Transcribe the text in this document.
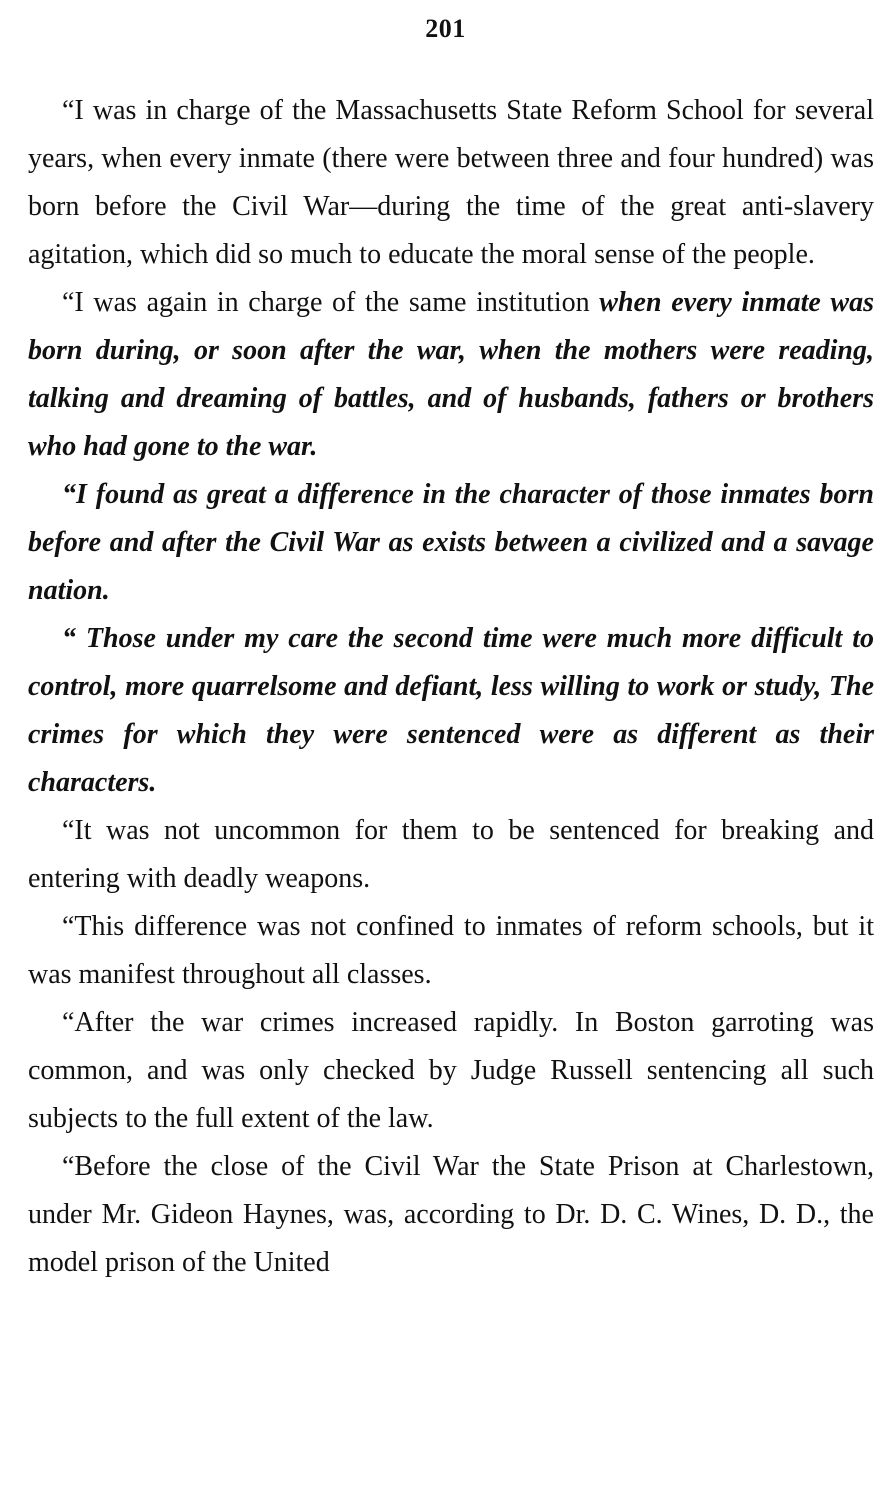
201

“I was in charge of the Massachusetts State Reform School for several years, when every inmate (there were between three and four hundred) was born before the Civil War—during the time of the great anti-slavery agitation, which did so much to educate the moral sense of the people.

“I was again in charge of the same institution when every inmate was born during, or soon after the war, when the mothers were reading, talking and dreaming of battles, and of husbands, fathers or brothers who had gone to the war.

“I found as great a difference in the character of those inmates born before and after the Civil War as exists between a civilized and a savage nation.

“ Those under my care the second time were much more difficult to control, more quarrelsome and defiant, less willing to work or study, The crimes for which they were sentenced were as different as their characters.

“It was not uncommon for them to be sentenced for breaking and entering with deadly weapons.

“This difference was not confined to inmates of reform schools, but it was manifest throughout all classes.

“After the war crimes increased rapidly. In Boston garroting was common, and was only checked by Judge Russell sentencing all such subjects to the full extent of the law.

“Before the close of the Civil War the State Prison at Charlestown, under Mr. Gideon Haynes, was, according to Dr. D. C. Wines, D. D., the model prison of the United
